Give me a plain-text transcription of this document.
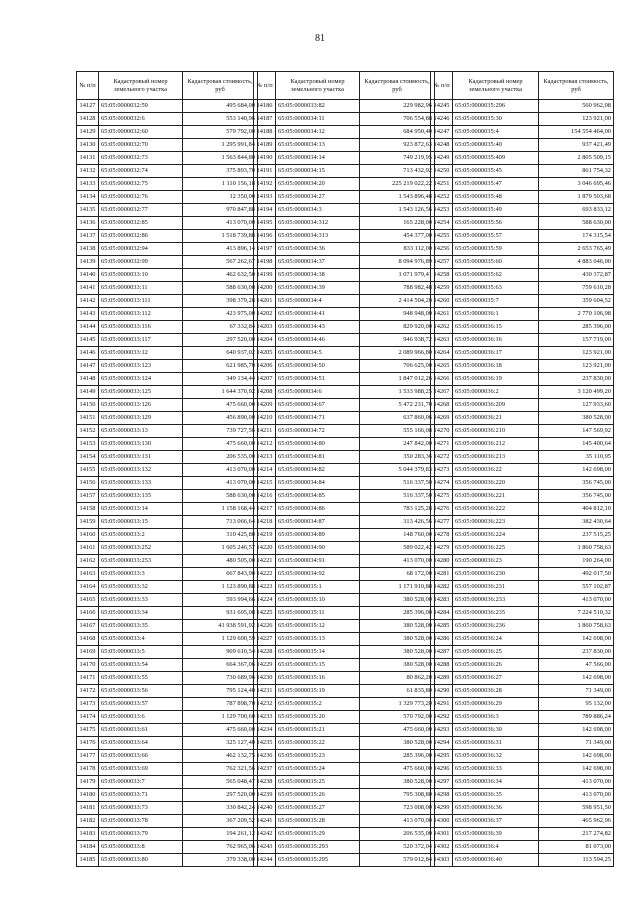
81
№ п/п	Кадастровый номер земельного участка	Кадастровая стоимость, руб
14127	65:05:0000032:59	495 684,00
14128	65:05:0000032:6	553 140,96
14129	65:05:0000032:60	579 792,00
14130	65:05:0000032:70	1 295 991,84
14131	65:05:0000032:73	1 563 844,80
14132	65:05:0000032:74	375 893,70
14133	65:05:0000032:75	1 110 156,18
14134	65:05:0000032:76	12 350,00
14135	65:05:0000032:77	970 847,88
14136	65:05:0000032:85	413 070,00
14137	65:05:0000032:86	1 518 739,88
14138	65:05:0000032:94	413 896,14
14139	65:05:0000032:99	567 262,67
14140	65:05:0000033:10	462 632,50
14141	65:05:0000033:11	588 630,00
14142	65:05:0000033:111	398 379,28
14143	65:05:0000033:112	423 975,00
14144	65:05:0000033:116	67 332,84
14145	65:05:0000033:117	297 520,00
14146	65:05:0000033:12	640 937,02
14147	65:05:0000033:123	621 985,70
14148	65:05:0000033:124	349 134,44
14149	65:05:0000033:125	1 644 370,92
14150	65:05:0000033:126	475 660,00
14151	65:05:0000033:129	456 890,00
14152	65:05:0000033:13	739 727,56
14153	65:05:0000033:130	475 660,00
14154	65:05:0000033:131	206 535,00
14155	65:05:0000033:132	413 070,00
14156	65:05:0000033:133	413 070,00
14157	65:05:0000033:135	588 630,00
14158	65:05:0000033:14	1 158 168,44
14159	65:05:0000033:15	713 066,64
14160	65:05:0000033:2	310 425,80
14161	65:05:0000033:252	1 605 246,57
14162	65:05:0000033:253	480 505,00
14163	65:05:0000033:3	667 843,90
14164	65:05:0000033:32	1 123 890,88
14165	65:05:0000033:33	593 994,66
14166	65:05:0000033:34	931 605,08
14167	65:05:0000033:35	41 938 591,92
14168	65:05:0000033:4	1 129 600,59
14169	65:05:0000033:5	909 610,54
14170	65:05:0000033:54	664 367,06
14171	65:05:0000033:55	730 689,96
14172	65:05:0000033:56	795 124,40
14173	65:05:0000033:57	787 898,70
14174	65:05:0000033:6	1 129 700,60
14175	65:05:0000033:61	475 660,00
14176	65:05:0000033:64	325 127,40
14177	65:05:0000033:66	462 132,75
14178	65:05:0000033:69	762 321,56
14179	65:05:0000033:7	565 048,47
14180	65:05:0000033:71	297 520,00
14181	65:05:0000033:73	330 842,24
14182	65:05:0000033:78	367 209,52
14183	65:05:0000033:79	194 261,12
14184	65:05:0000033:8	762 965,06
14185	65:05:0000033:80	379 338,00
№ п/п	Кадастровый номер земельного участка	Кадастровая стоимость, руб
14186	65:05:0000033:82	229 982,96
14187	65:05:0000034:11	706 554,88
14188	65:05:0000034:12	684 950,40
14189	65:05:0000034:13	923 872,63
14190	65:05:0000034:14	749 219,95
14191	65:05:0000034:15	713 432,92
14192	65:05:0000034:20	225 219 022,22
14193	65:05:0000034:27	1 543 896,48
14194	65:05:0000034:3	1 543 126,56
14195	65:05:0000034:312	165 228,00
14196	65:05:0000034:313	454 377,00
14197	65:05:0000034:36	833 112,00
14198	65:05:0000034:37	8 094 976,89
14199	65:05:0000034:38	1 071 979,41
14200	65:05:0000034:39	788 982,48
14201	65:05:0000034:4	2 414 504,20
14202	65:05:0000034:41	948 948,00
14203	65:05:0000034:43	829 920,00
14204	65:05:0000034:46	946 938,72
14205	65:05:0000034:5	2 089 966,80
14206	65:05:0000034:50	706 625,00
14207	65:05:0000034:51	1 847 012,26
14208	65:05:0000034:6	1 533 988,25
14209	65:05:0000034:67	5 472 231,70
14210	65:05:0000034:71	637 860,06
14211	65:05:0000034:72	555 166,08
14212	65:05:0000034:80	247 842,00
14213	65:05:0000034:81	350 283,36
14214	65:05:0000034:82	5 044 379,83
14215	65:05:0000034:84	516 337,50
14216	65:05:0000034:85	516 337,50
14217	65:05:0000034:86	783 125,28
14218	65:05:0000034:87	313 426,56
14219	65:05:0000034:89	148 760,00
14220	65:05:0000034:90	589 022,42
14221	65:05:0000034:91	413 070,00
14222	65:05:0000034:92	68 172,00
14223	65:05:0000035:1	1 171 910,88
14224	65:05:0000035:10	380 528,00
14225	65:05:0000035:11	285 396,00
14226	65:05:0000035:12	380 528,00
14227	65:05:0000035:13	380 528,00
14228	65:05:0000035:14	380 528,00
14229	65:05:0000035:15	380 528,00
14230	65:05:0000035:16	80 862,20
14231	65:05:0000035:19	61 835,80
14232	65:05:0000035:2	1 329 773,20
14233	65:05:0000035:20	570 792,00
14234	65:05:0000035:21	475 660,00
14235	65:05:0000035:22	380 528,00
14236	65:05:0000035:23	285 396,00
14237	65:05:0000035:24	475 660,00
14238	65:05:0000035:25	380 528,00
14239	65:05:0000035:26	795 308,80
14240	65:05:0000035:27	723 008,00
14241	65:05:0000035:28	413 070,00
14242	65:05:0000035:29	206 535,00
14243	65:05:0000035:293	520 372,04
14244	65:05:0000035:295	579 012,84
№ п/п	Кадастровый номер земельного участка	Кадастровая стоимость, руб
14245	65:05:0000035:296	560 962,08
14246	65:05:0000035:30	123 921,00
14247	65:05:0000035:4	154 554 464,00
14248	65:05:0000035:40	937 421,49
14249	65:05:0000035:409	2 805 509,15
14250	65:05:0000035:45	861 754,32
14251	65:05:0000035:47	3 046 695,46
14252	65:05:0000035:48	1 879 503,68
14253	65:05:0000035:49	693 833,12
14254	65:05:0000035:56	588 630,00
14255	65:05:0000035:57	174 315,54
14256	65:05:0000035:59	2 653 765,49
14257	65:05:0000035:60	4 883 046,00
14258	65:05:0000035:62	430 372,87
14259	65:05:0000035:63	759 610,28
14260	65:05:0000035:7	359 604,52
14261	65:05:0000036:1	2 770 106,98
14262	65:05:0000036:15	285 396,00
14263	65:05:0000036:16	157 719,00
14264	65:05:0000036:17	123 921,00
14265	65:05:0000036:18	123 921,00
14266	65:05:0000036:19	237 830,00
14267	65:05:0000036:2	3 120 499,20
14268	65:05:0000036:209	127 933,60
14269	65:05:0000036:21	380 528,00
14270	65:05:0000036:210	147 569,92
14271	65:05:0000036:212	145 400,64
14272	65:05:0000036:213	35 110,95
14273	65:05:0000036:22	142 698,00
14274	65:05:0000036:220	356 745,00
14275	65:05:0000036:221	356 745,00
14276	65:05:0000036:222	404 812,10
14277	65:05:0000036:223	382 430,64
14278	65:05:0000036:224	237 515,25
14279	65:05:0000036:225	1 860 758,63
14280	65:05:0000036:23	190 264,00
14281	65:05:0000036:230	492 017,50
14282	65:05:0000036:231	557 102,87
14283	65:05:0000036:233	413 070,00
14284	65:05:0000036:235	7 224 510,32
14285	65:05:0000036:236	1 860 758,63
14286	65:05:0000036:24	142 698,00
14287	65:05:0000036:25	237 830,00
14288	65:05:0000036:26	47 566,00
14289	65:05:0000036:27	142 698,00
14290	65:05:0000036:28	71 349,00
14291	65:05:0000036:29	95 132,00
14292	65:05:0000036:3	789 886,24
14293	65:05:0000036:30	142 698,00
14294	65:05:0000036:31	71 349,00
14295	65:05:0000036:32	142 698,00
14296	65:05:0000036:33	142 698,00
14297	65:05:0000036:34	413 070,00
14298	65:05:0000036:35	413 070,00
14299	65:05:0000036:36	598 951,50
14300	65:05:0000036:37	465 962,96
14301	65:05:0000036:39	217 274,82
14302	65:05:0000036:4	81 073,00
14303	65:05:0000036:40	113 594,25
